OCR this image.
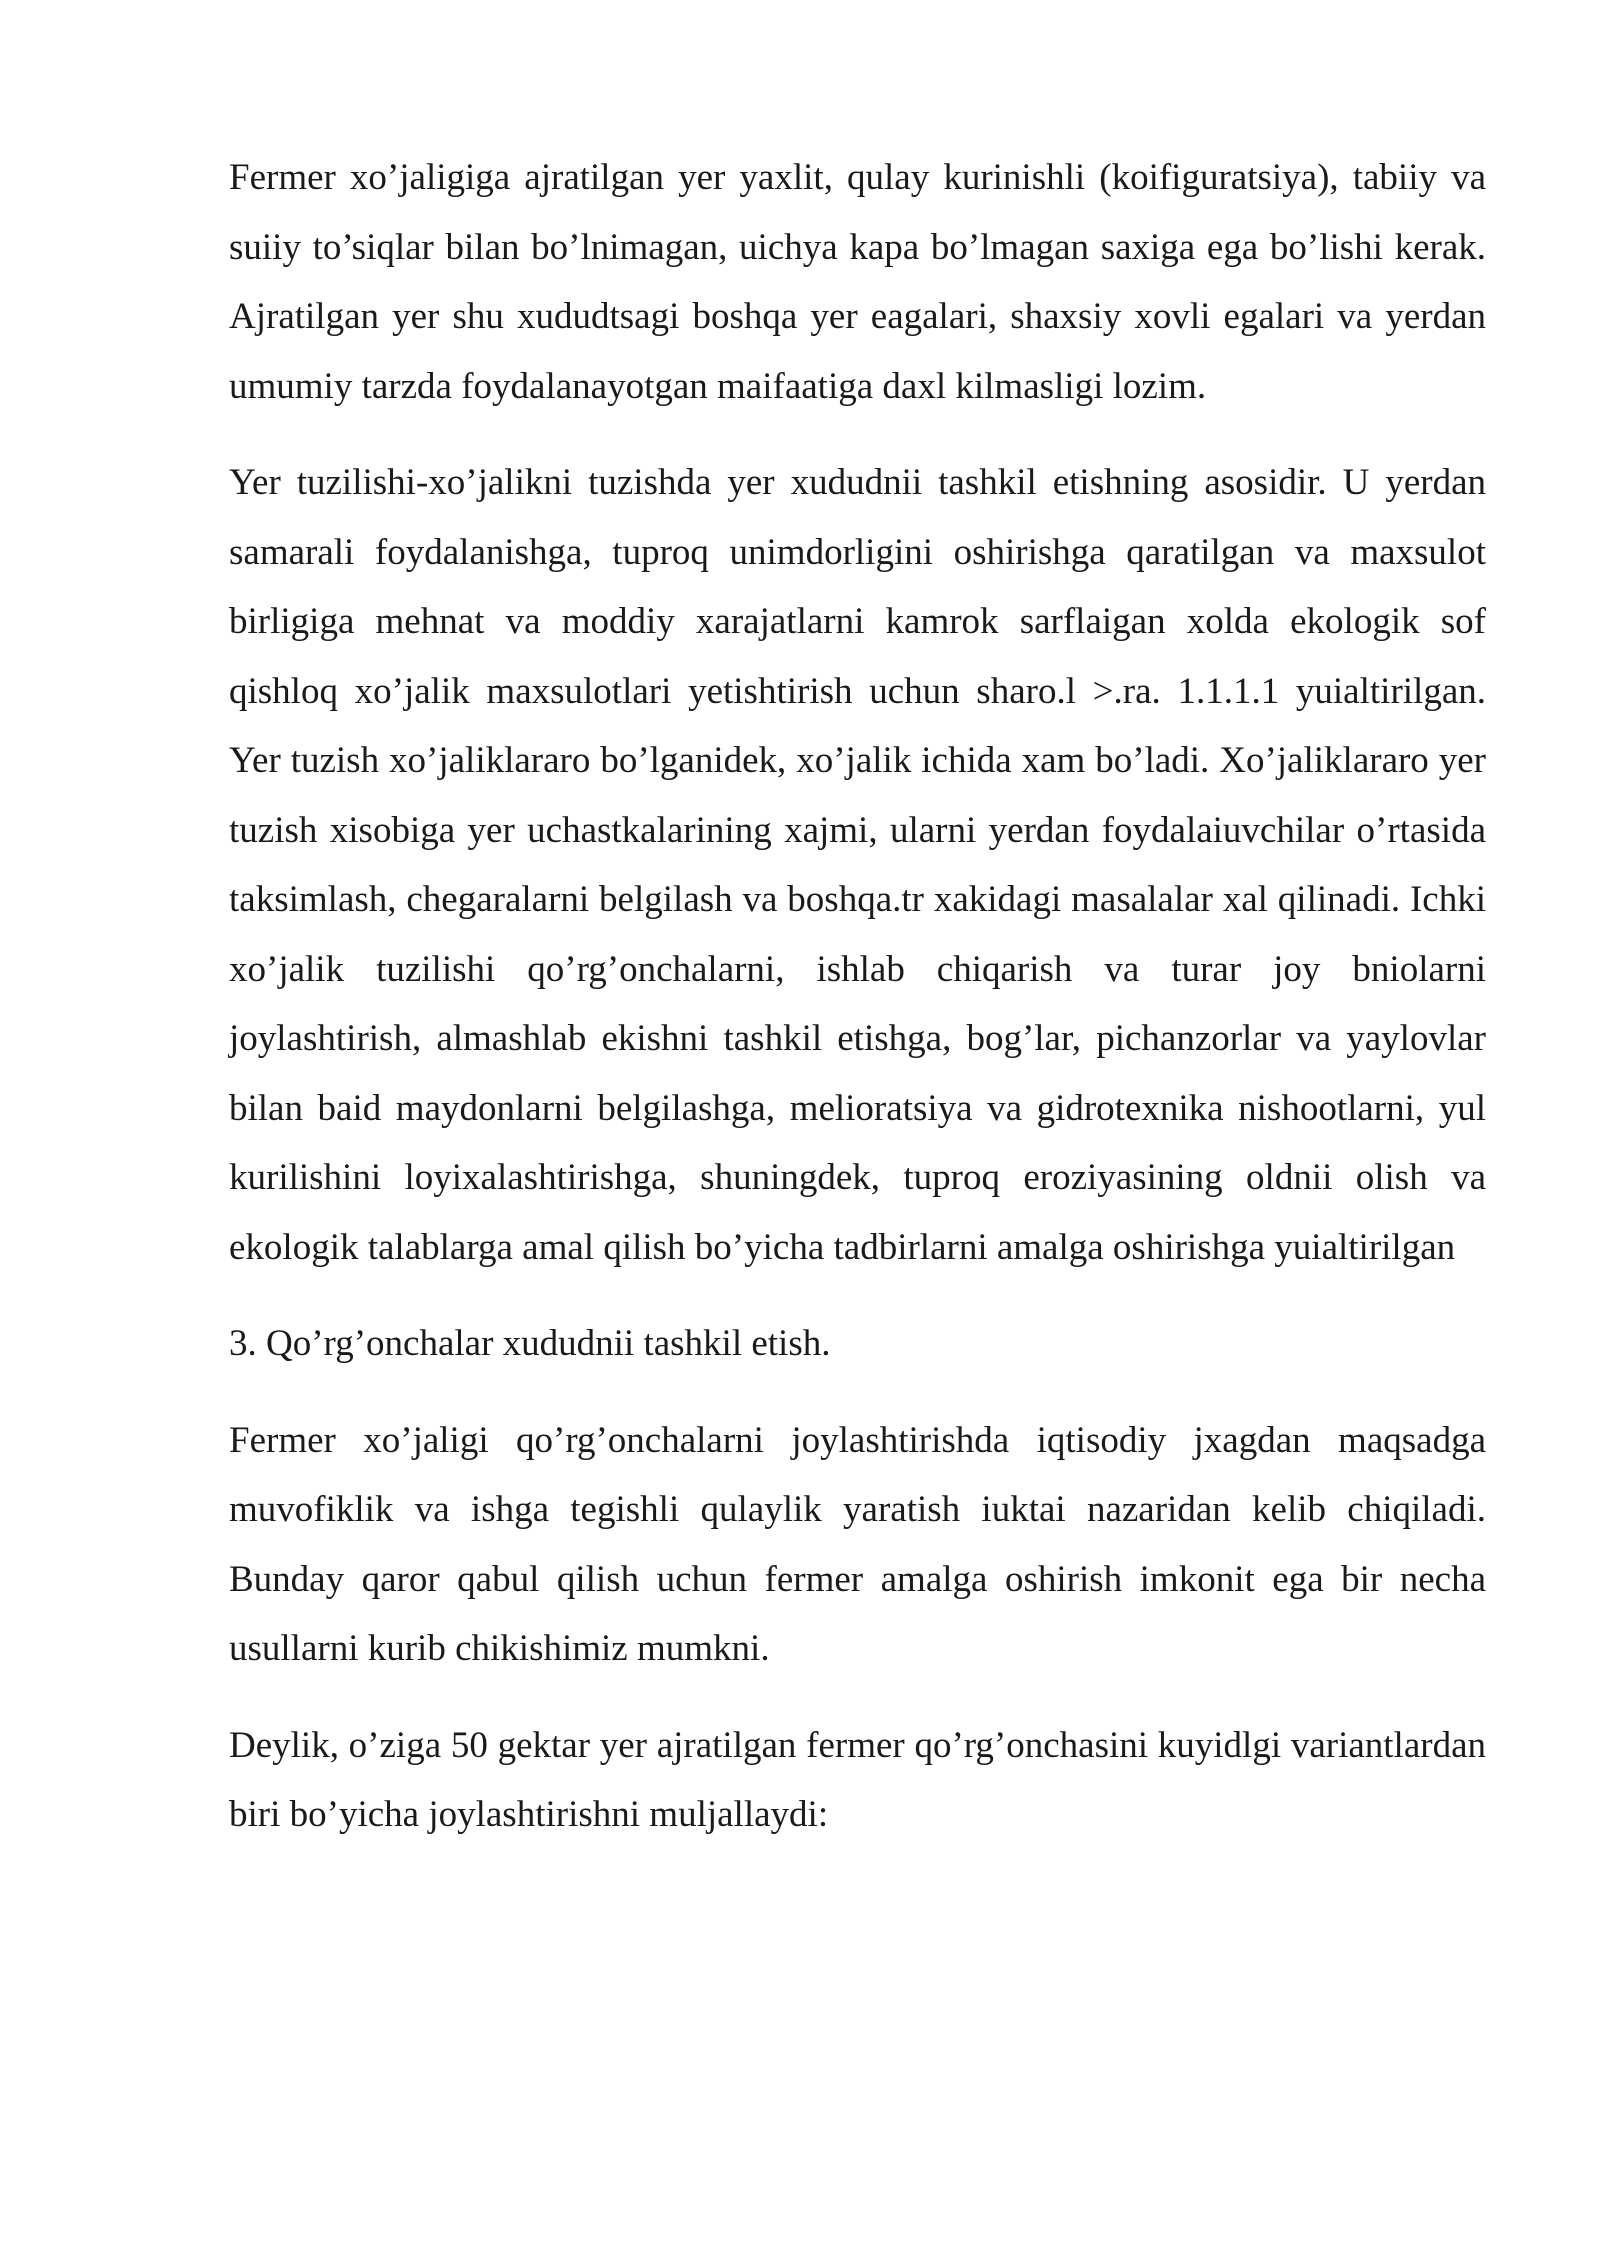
Fermer xo’jaligiga ajratilgan yer yaxlit, qulay kurinishli (koifiguratsiya), tabiiy va suiiy to’siqlar bilan bo’lnimagan, uichya kapa bo’lmagan saxiga ega bo’lishi kerak. Ajratilgan yer shu xududtsagi boshqa yer eagalari, shaxsiy xovli egalari va yerdan umumiy tarzda foydalanayotgan maifaatiga daxl kilmasligi lozim.

Yer tuzilishi-xo’jalikni tuzishda yer xududnii tashkil etishning asosidir. U yerdan samarali foydalanishga, tuproq unimdorligini oshirishga qaratilgan va maxsulot birligiga mehnat va moddiy xarajatlarni kamrok sarflaigan xolda ekologik sof qishloq xo’jalik maxsulotlari yetishtirish uchun sharo.l >.ra. 1.1.1.1 yuialtirilgan. Yer tuzish xo’jaliklararo bo’lganidek, xo’jalik ichida xam bo’ladi. Xo’jaliklararo yer tuzish xisobiga yer uchastkalarining xajmi, ularni yerdan foydalaiuvchilar o’rtasida taksimlash, chegaralarni belgilash va boshqa.tr xakidagi masalalar xal qilinadi. Ichki xo’jalik tuzilishi qo’rg’onchalarni, ishlab chiqarish va turar joy bniolarni joylashtirish, almashlab ekishni tashkil etishga, bog’lar, pichanzorlar va yaylovlar bilan baid maydonlarni belgilashga, melioratsiya va gidrotexnika nishootlarni, yul kurilishini loyixalashtirishga, shuningdek, tuproq eroziyasining oldnii olish va ekologik talablarga amal qilish bo’yicha tadbirlarni amalga oshirishga yuialtirilgan

3. Qo’rg’onchalar xududnii tashkil etish.

Fermer xo’jaligi qo’rg’onchalarni joylashtirishda iqtisodiy jxagdan maqsadga muvofiklik va ishga tegishli qulaylik yaratish iuktai nazaridan kelib chiqiladi. Bunday qaror qabul qilish uchun fermer amalga oshirish imkonit ega bir necha usullarni kurib chikishimiz mumkni.

Deylik, o’ziga 50 gektar yer ajratilgan fermer qo’rg’onchasini kuyidlgi variantlardan biri bo’yicha joylashtirishni muljallaydi:
